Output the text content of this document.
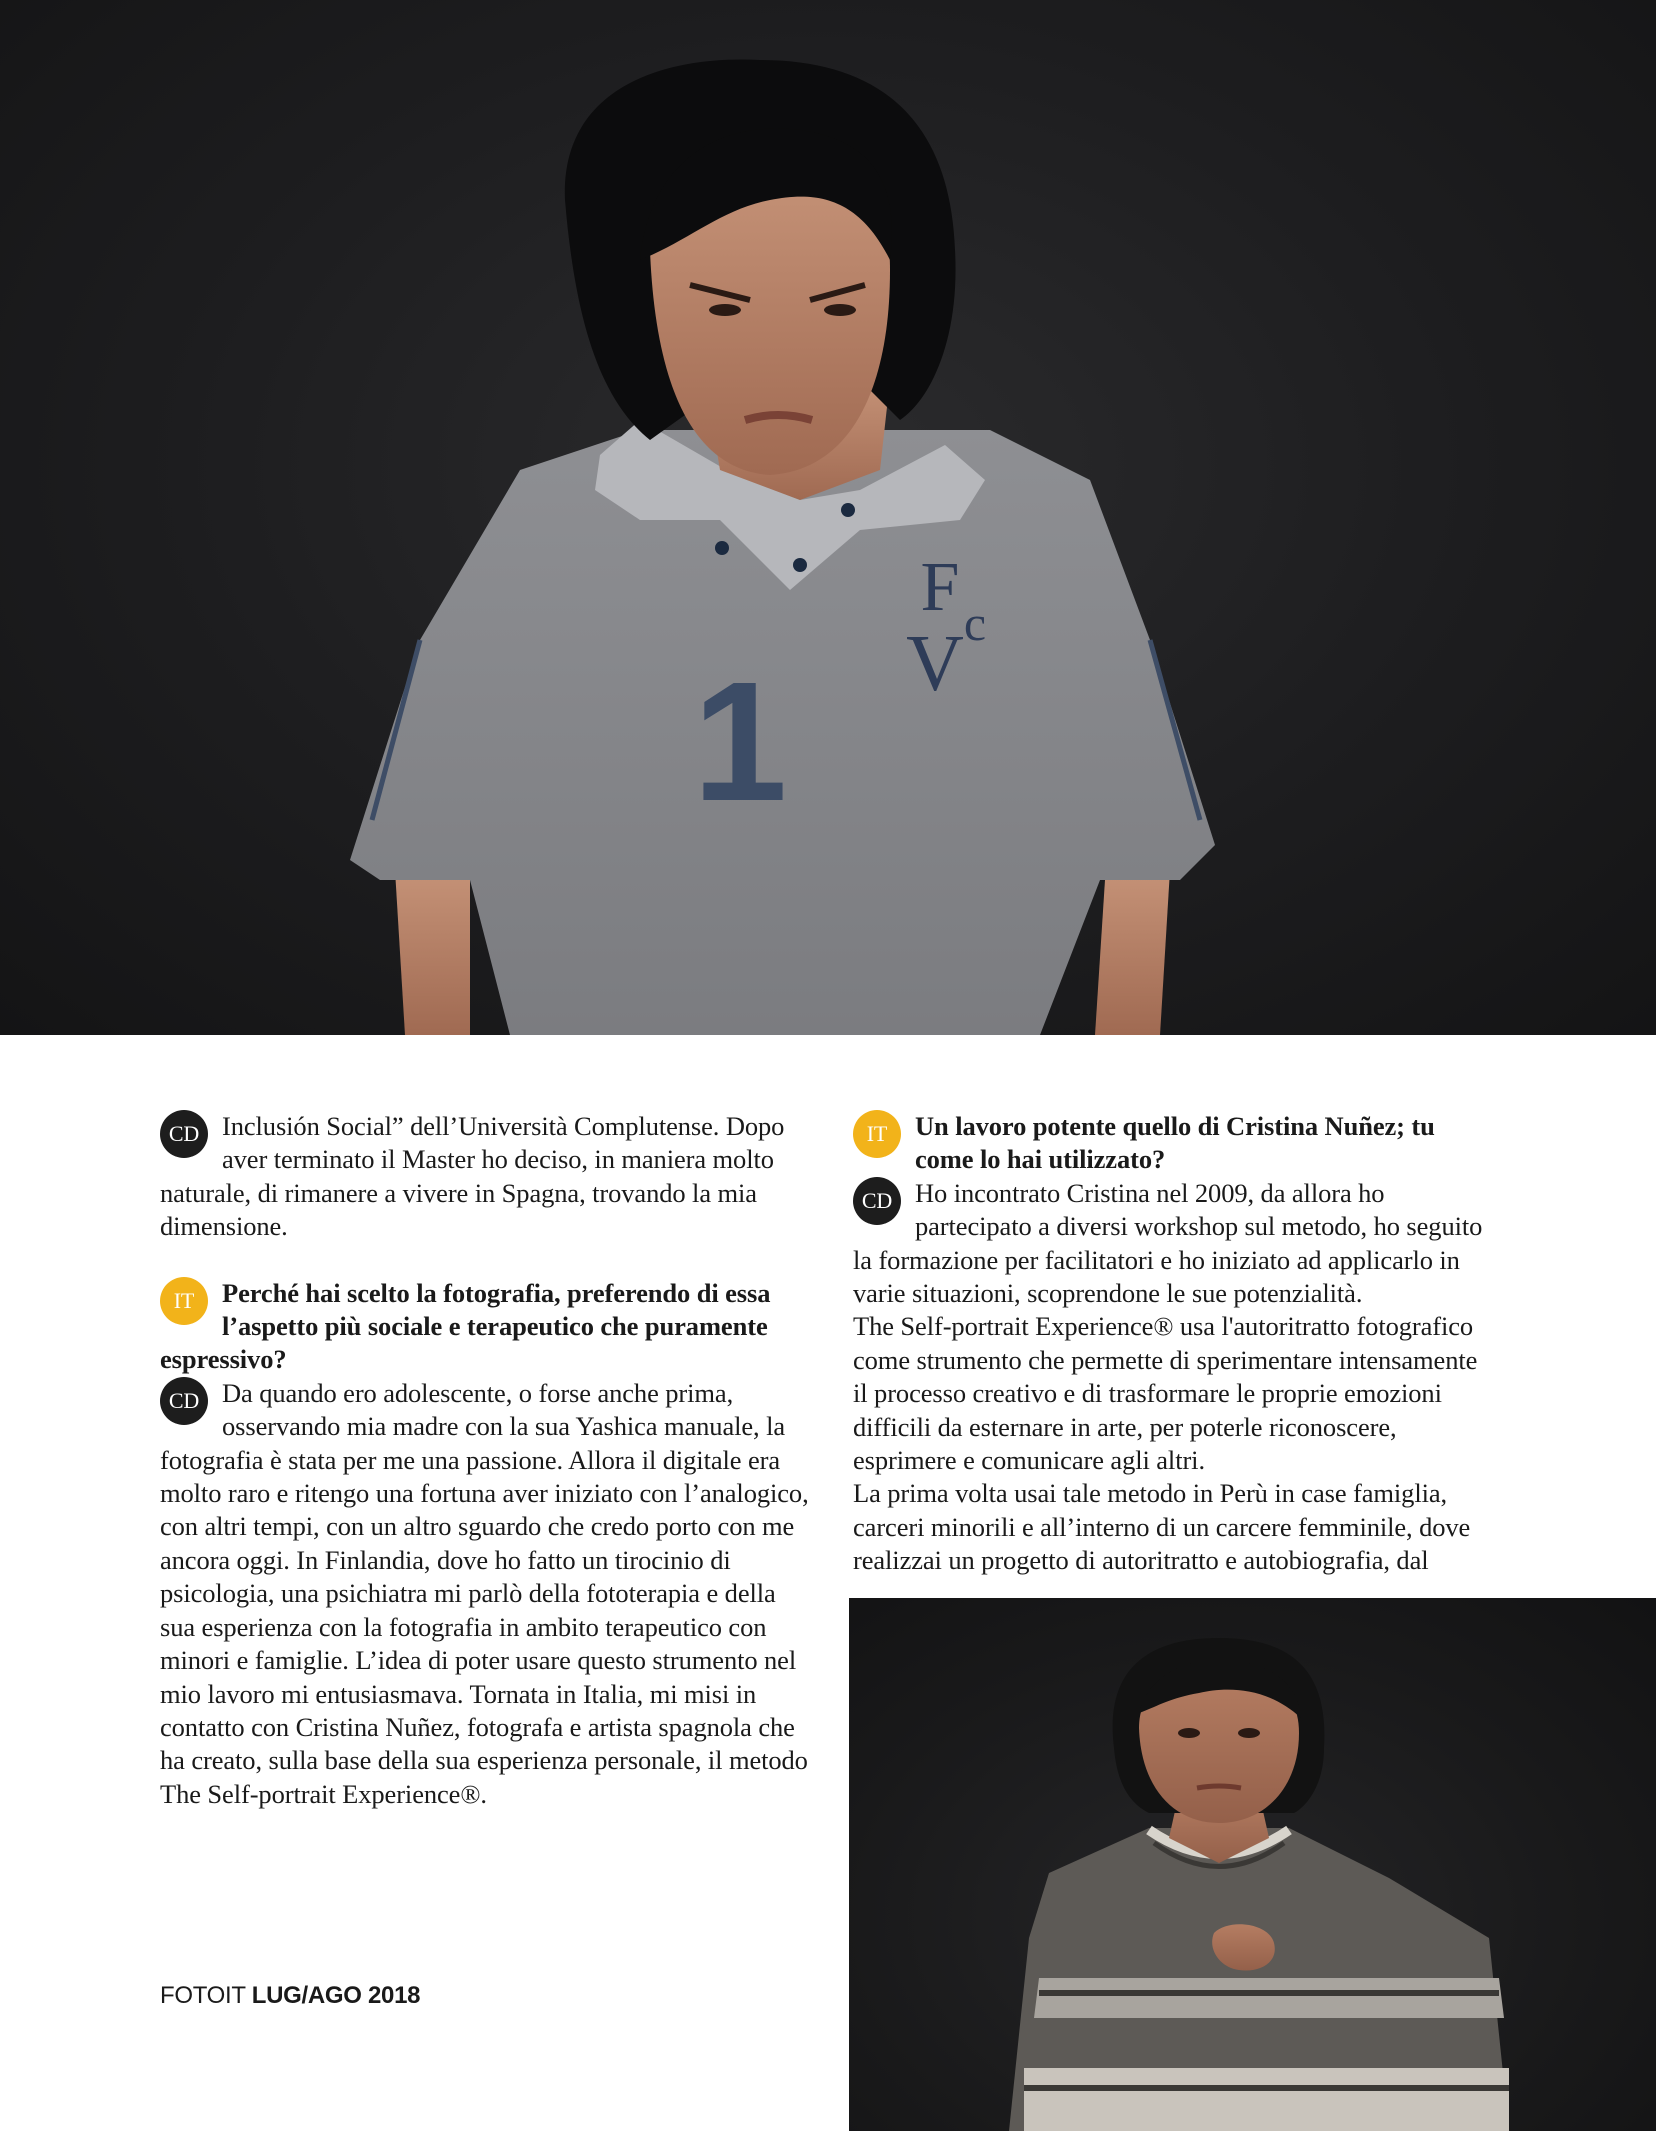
1
F c
V

CD Inclusión Social” dell’Università Complutense. Dopo aver terminato il Master ho deciso, in maniera molto naturale, di rimanere a vivere in Spagna, trovando la mia dimensione.

IT	Perché hai scelto la fotografia, preferendo di essa l’aspetto più sociale e terapeutico che puramente espressivo?

CD Da quando ero adolescente, o forse anche prima, osservando mia madre con la sua Yashica manuale, la fotografia è stata per me una passione. Allora il digitale era molto raro e ritengo una fortuna aver iniziato con l’analogico, con altri tempi, con un altro sguardo che credo porto con me ancora oggi. In Finlandia, dove ho fatto un tirocinio di psicologia, una psichiatra mi parlò della fototerapia e della sua esperienza con la fotografia in ambito terapeutico con minori e famiglie. L’idea di poter usare questo strumento nel mio lavoro mi entusiasmava. Tornata in Italia, mi misi in contatto con Cristina Nuñez, fotografa e artista spagnola che ha creato, sulla base della sua esperienza personale, il metodo The Self-portrait Experience®.

IT	Un lavoro potente quello di Cristina Nuñez; tu come lo hai utilizzato?

CD Ho incontrato Cristina nel 2009, da allora ho partecipato a diversi workshop sul metodo, ho seguito la formazione per facilitatori e ho iniziato ad applicarlo in varie situazioni, scoprendone le sue potenzialità.

The Self-portrait Experience® usa l'autoritratto fotografico come strumento che permette di sperimentare intensamente il processo creativo e di trasformare le proprie emozioni difficili da esternare in arte, per poterle riconoscere, esprimere e comunicare agli altri.

La prima volta usai tale metodo in Perù in case famiglia, carceri minorili e all’interno di un carcere femminile, dove realizzai un progetto di autoritratto e autobiografia, dal

FOTOIT LUG/AGO 2018
